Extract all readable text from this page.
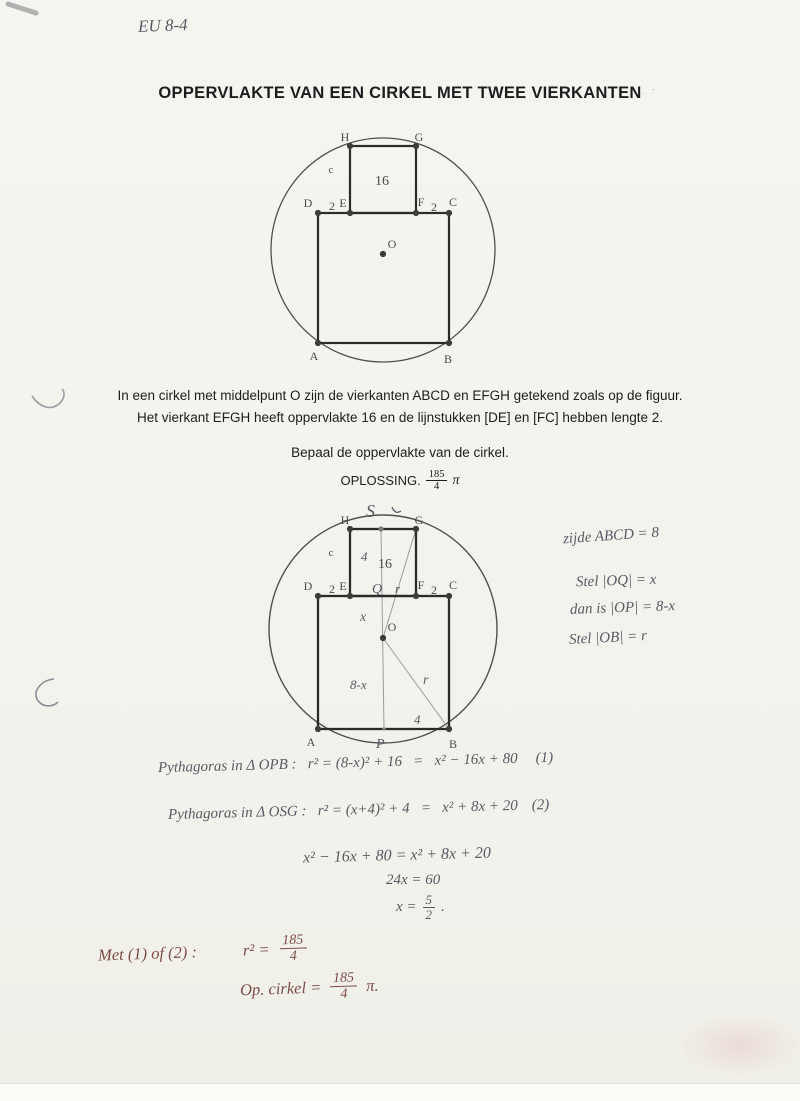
EU 8-4
OPPERVLAKTE VAN EEN CIRKEL MET TWEE VIERKANTEN · ˉ
H	G
c
16
D 2 E	F 2 C
O
A	B
In een cirkel met middelpunt O zijn de vierkanten ABCD en EFGH getekend zoals op de figuur.
Het vierkant EFGH heeft oppervlakte 16 en de lijnstukken [DE] en [FC] hebben lengte 2.
Bepaal de oppervlakte van de cirkel.
OPLOSSING. $\frac{185}{4}$ π
H	G
c
16
D 2 E	F 2 C
O
A	B
S
4
Q r
x
8-x	r
4
P
zijde ABCD = 8
Stel |OQ| = x
dan is |OP| = 8-x
Stel |OB| = r
Pythagoras in Δ OPB :   r² = (8-x)² + 16   =   x² − 16x + 80 (1)
Pythagoras in Δ OSG :   r² = (x+4)² + 4   =   x² + 8x + 20 (2)
x² − 16x + 80 = x² + 8x + 20
24x = 60
$x = \frac{5}{2}$ .
Met (1) of (2) :	$r^2 = \frac{185}{4}$
Op. cirkel = $\frac{185}{4} \pi$.
